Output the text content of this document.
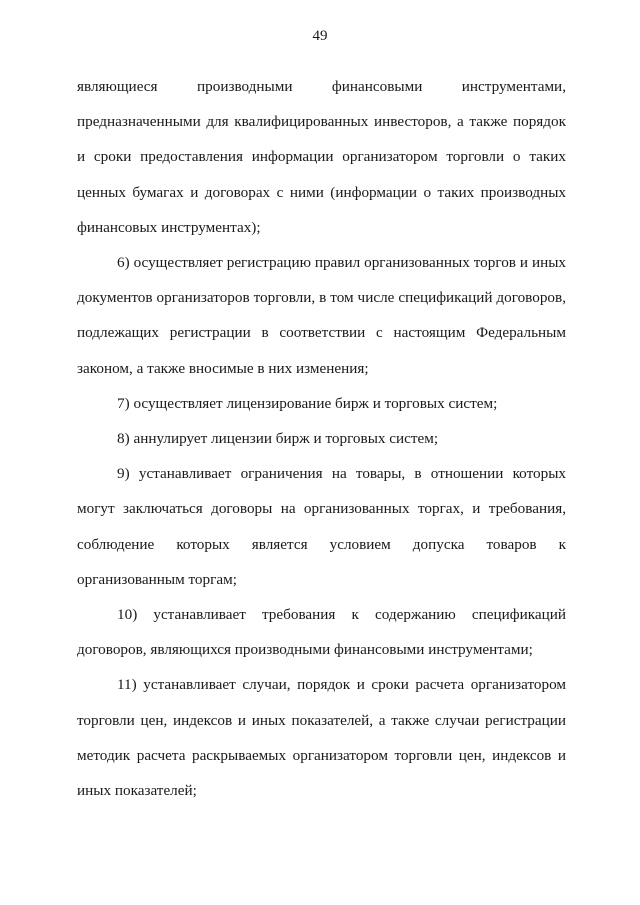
49

являющиеся производными финансовыми инструментами, предназначенными для квалифицированных инвесторов, а также порядок и сроки предоставления информации организатором торговли о таких ценных бумагах и договорах с ними (информации о таких производных финансовых инструментах);

6) осуществляет регистрацию правил организованных торгов и иных документов организаторов торговли, в том числе спецификаций договоров, подлежащих регистрации в соответствии с настоящим Федеральным законом, а также вносимые в них изменения;

7) осуществляет лицензирование бирж и торговых систем;

8) аннулирует лицензии бирж и торговых систем;

9) устанавливает ограничения на товары, в отношении которых могут заключаться договоры на организованных торгах, и требования, соблюдение которых является условием допуска товаров к организованным торгам;

10) устанавливает требования к содержанию спецификаций договоров, являющихся производными финансовыми инструментами;

11) устанавливает случаи, порядок и сроки расчета организатором торговли цен, индексов и иных показателей, а также случаи регистрации методик расчета раскрываемых организатором торговли цен, индексов и иных показателей;
